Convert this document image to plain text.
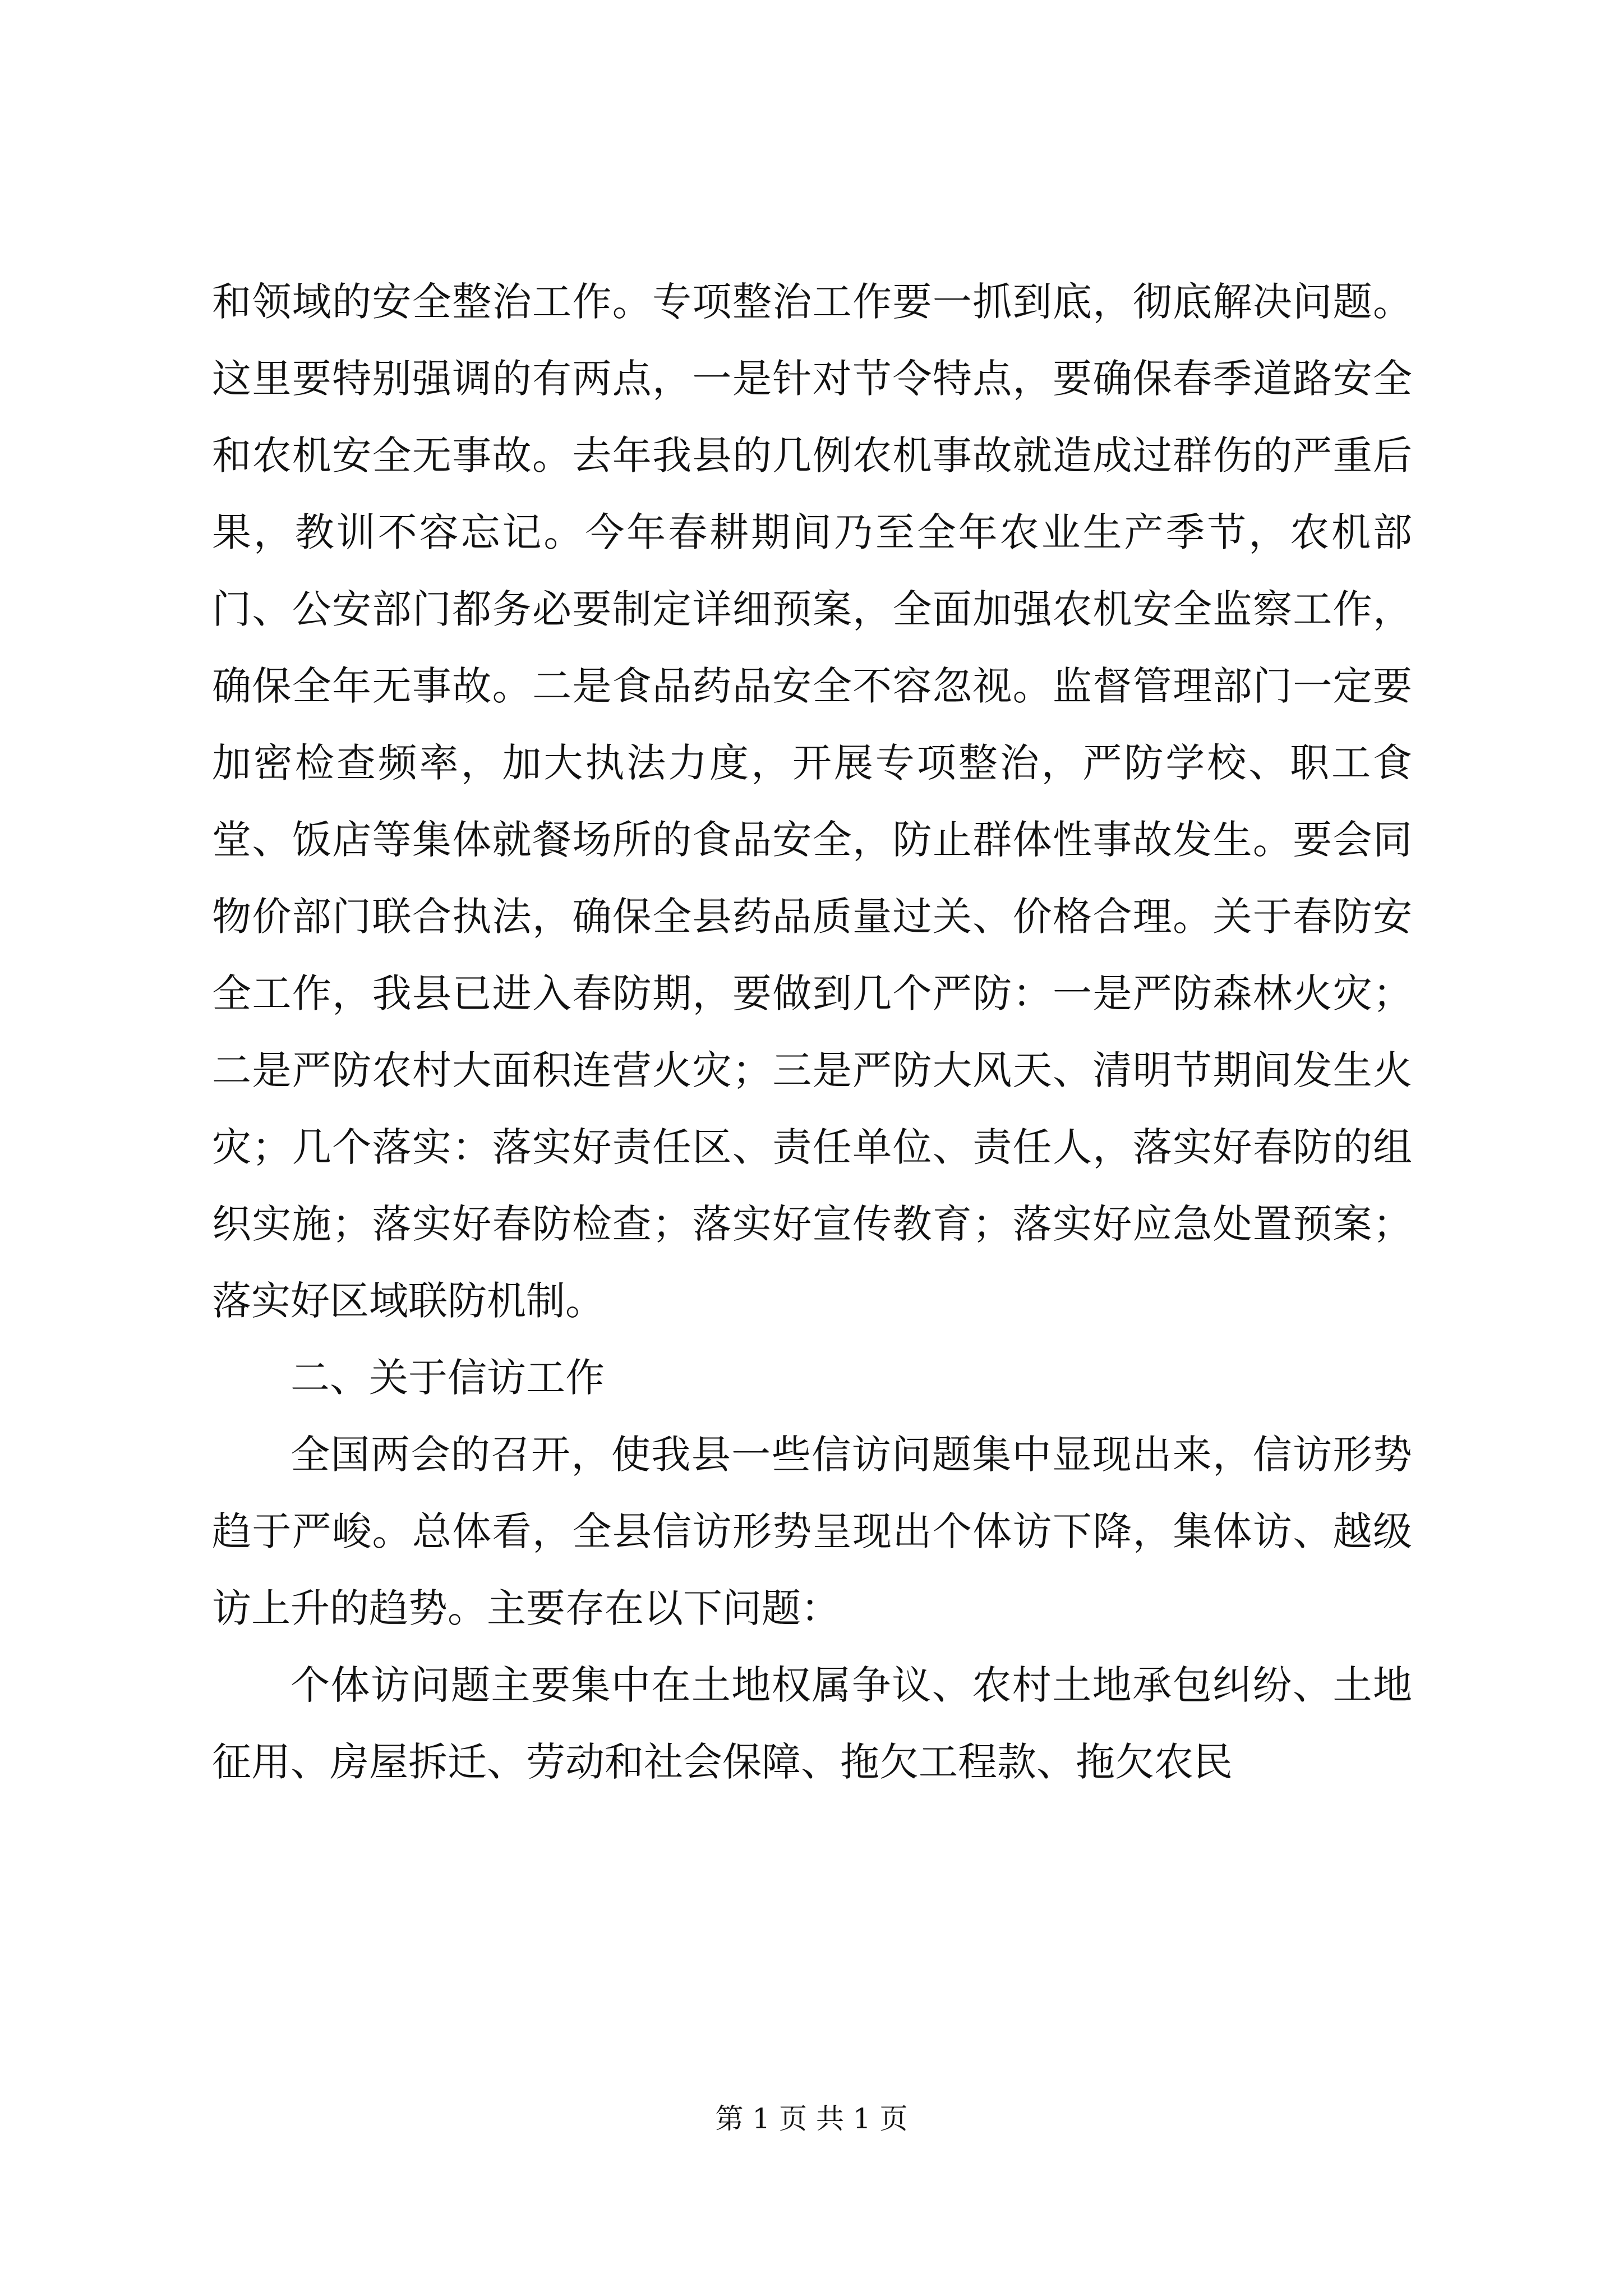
和领域的安全整治工作。专项整治工作要一抓到底，彻底解决问题。这里要特别强调的有两点，一是针对节令特点，要确保春季道路安全和农机安全无事故。去年我县的几例农机事故就造成过群伤的严重后果，教训不容忘记。今年春耕期间乃至全年农业生产季节，农机部门、公安部门都务必要制定详细预案，全面加强农机安全监察工作，确保全年无事故。二是食品药品安全不容忽视。监督管理部门一定要加密检查频率，加大执法力度，开展专项整治，严防学校、职工食堂、饭店等集体就餐场所的食品安全，防止群体性事故发生。要会同物价部门联合执法，确保全县药品质量过关、价格合理。关于春防安全工作，我县已进入春防期，要做到几个严防：一是严防森林火灾；二是严防农村大面积连营火灾；三是严防大风天、清明节期间发生火灾；几个落实：落实好责任区、责任单位、责任人，落实好春防的组织实施；落实好春防检查；落实好宣传教育；落实好应急处置预案；落实好区域联防机制。

二、关于信访工作

全国两会的召开，使我县一些信访问题集中显现出来，信访形势趋于严峻。总体看，全县信访形势呈现出个体访下降，集体访、越级访上升的趋势。主要存在以下问题：

个体访问题主要集中在土地权属争议、农村土地承包纠纷、土地征用、房屋拆迁、劳动和社会保障、拖欠工程款、拖欠农民

第 1 页 共 1 页
